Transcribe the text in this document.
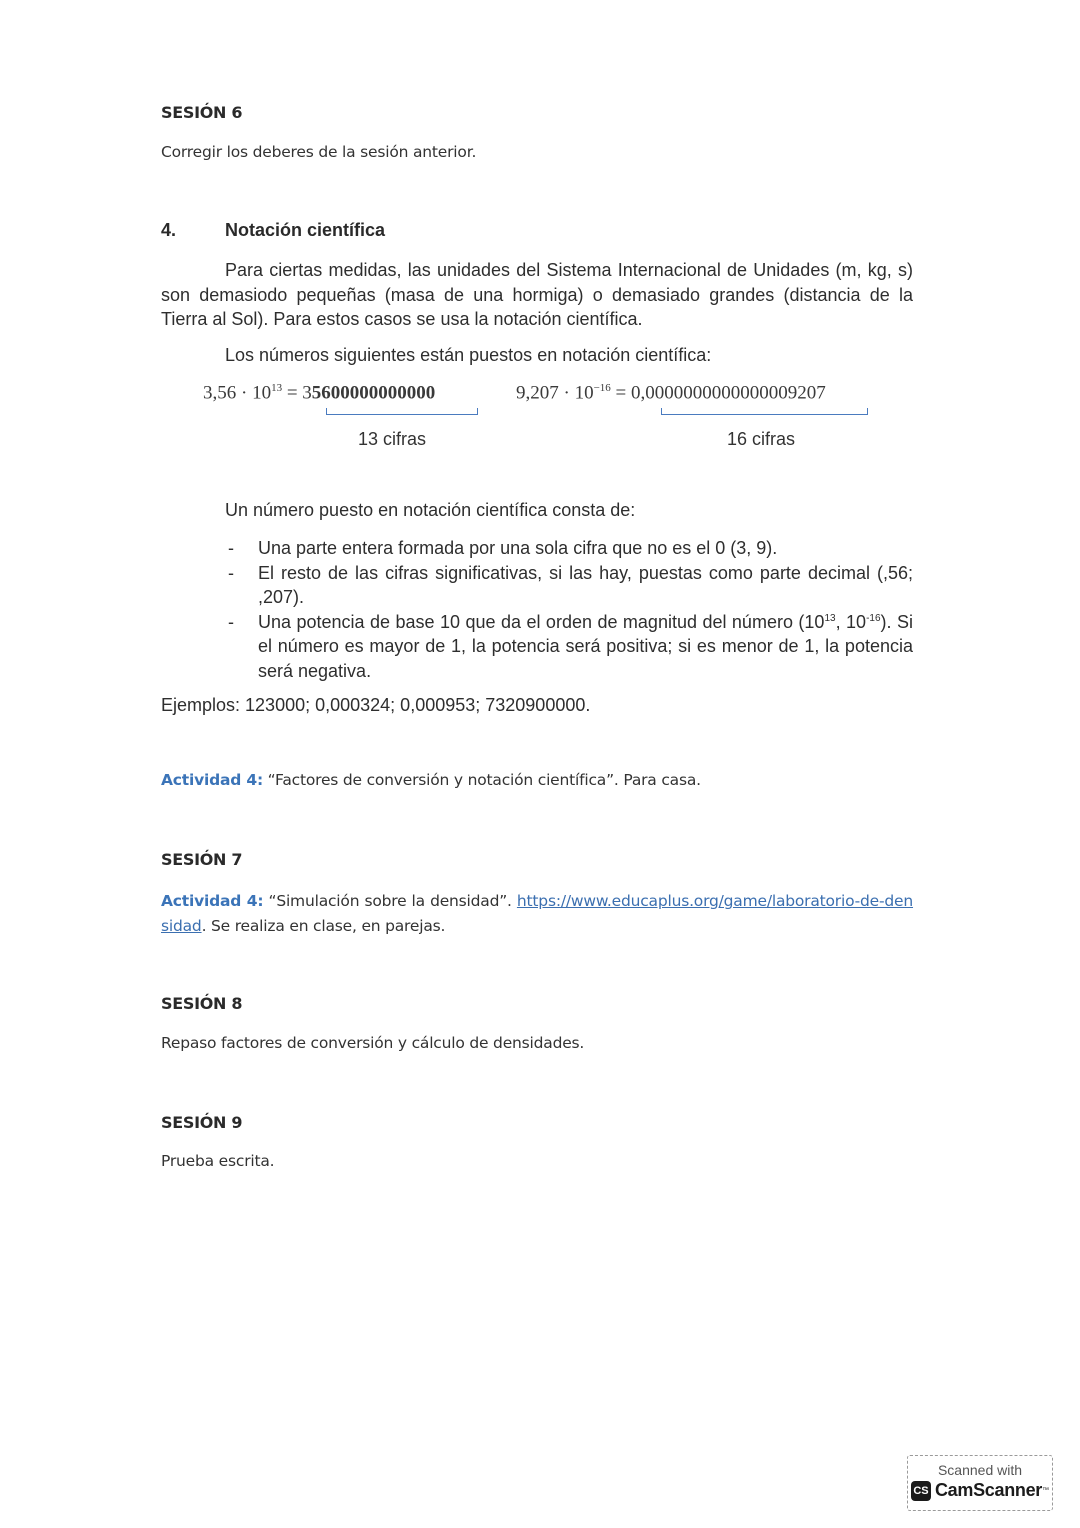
SESIÓN 6
Corregir los deberes de la sesión anterior.
4.	Notación científica
Para ciertas medidas, las unidades del Sistema Internacional de Unidades (m, kg, s) son demasiodo pequeñas (masa de una hormiga) o demasiado grandes (distancia de la Tierra al Sol). Para estos casos se usa la notación científica.
Los números siguientes están puestos en notación científica:
$3,56 \cdot 10^{13} = 35600000000000$
13 cifras
$9,207 \cdot 10^{-16} = 0,0000000000000009207$
16 cifras
Un número puesto en notación científica consta de:
- Una parte entera formada por una sola cifra que no es el 0 (3, 9).
- El resto de las cifras significativas, si las hay, puestas como parte decimal (,56; ,207).
- Una potencia de base 10 que da el orden de magnitud del número ($10^{13}$, $10^{-16}$). Si el número es mayor de 1, la potencia será positiva; si es menor de 1, la potencia será negativa.
Ejemplos: 123000; 0,000324; 0,000953; 7320900000.
Actividad 4: “Factores de conversión y notación científica”. Para casa.
SESIÓN 7
Actividad 4: “Simulación sobre la densidad”. https://www.educaplus.org/game/laboratorio-de-densidad. Se realiza en clase, en parejas.
SESIÓN 8
Repaso factores de conversión y cálculo de densidades.
SESIÓN 9
Prueba escrita.
Scanned with
CS CamScanner ™
